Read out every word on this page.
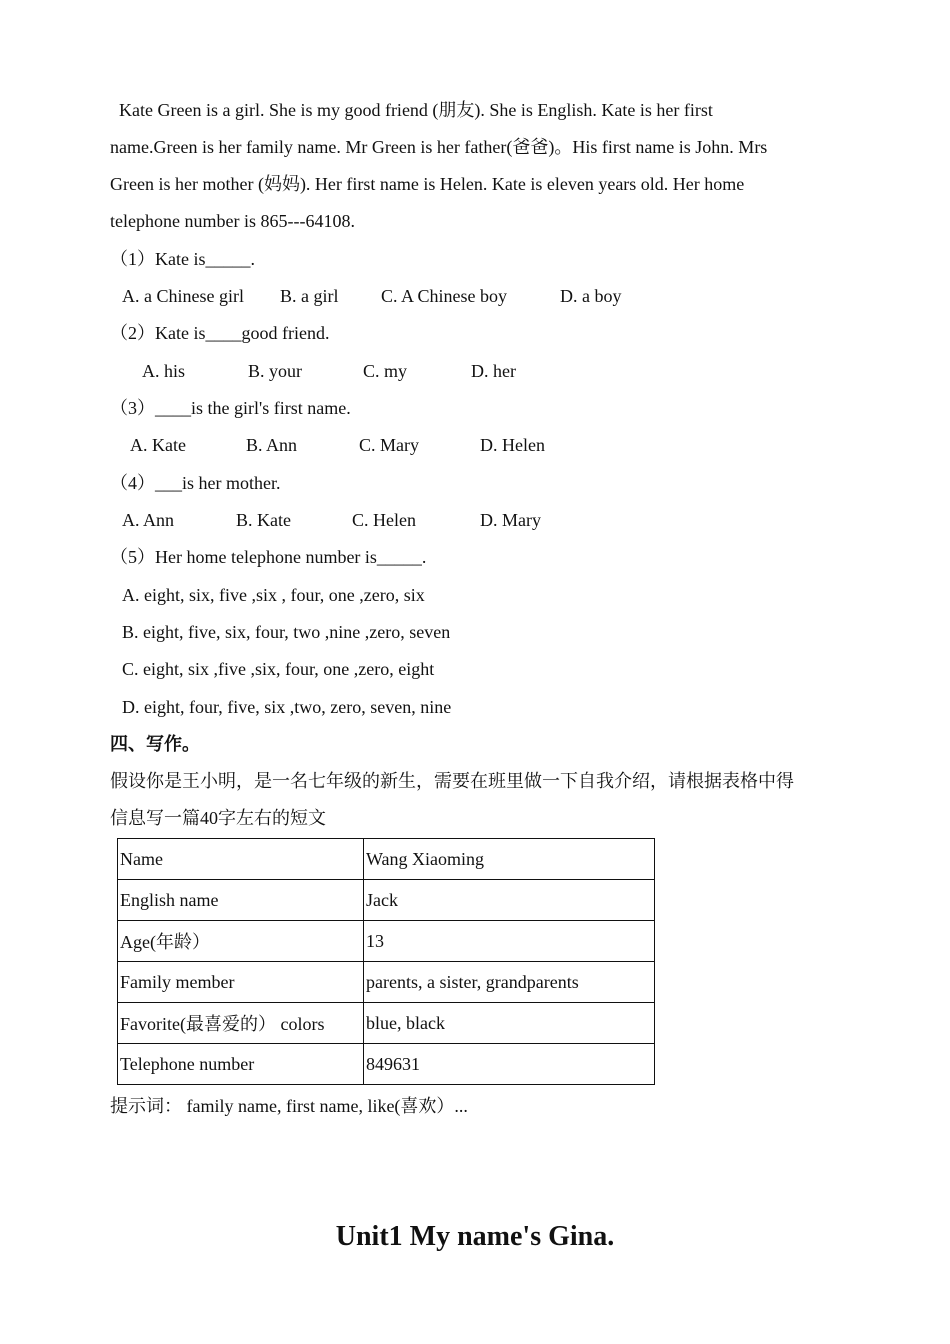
Kate Green is a girl. She is my good friend (朋友). She is English. Kate is her first
name.Green is her family name. Mr Green is her father(爸爸)。His first name is John. Mrs
Green is her mother (妈妈). Her first name is Helen. Kate is eleven years old. Her home
telephone number is 865---64108.
（1）Kate is_____.
A. a Chinese girl B. a girl C. A Chinese boy	D. a boy
（2）Kate is____good friend.
A. his	B. your	C. my	D. her
（3）____is the girl's first name.
A. Kate	B. Ann	C. Mary	D. Helen
（4）___is her mother.
A. Ann	B. Kate	C. Helen	D. Mary
（5）Her home telephone number is_____.
A. eight, six, five ,six , four, one ,zero, six
B. eight, five, six, four, two ,nine ,zero, seven
C. eight, six ,five ,six, four, one ,zero, eight
D. eight, four, five, six ,two, zero, seven, nine
四、写作。
假设你是王小明，是一名七年级的新生，需要在班里做一下自我介绍，请根据表格中得
信息写一篇40字左右的短文
Name	Wang Xiaoming
English name	Jack
Age(年龄）	13
Family member	parents, a sister, grandparents
Favorite(最喜爱的） colors	blue, black
Telephone number	849631
提示词： family name, first name, like(喜欢）...
Unit1 My name's Gina.
